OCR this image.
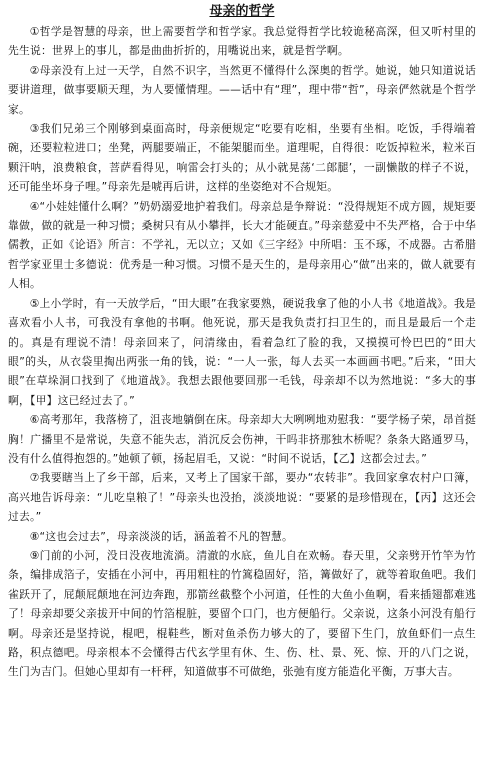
母亲的哲学

①哲学是智慧的母亲，世上需要哲学和哲学家。我总觉得哲学比较诡秘高深，但又听村里的先生说：世界上的事儿，都是曲曲折折的，用嘴说出来，就是哲学啊。

②母亲没有上过一天学，自然不识字，当然更不懂得什么深奥的哲学。她说，她只知道说话要讲道理，做事要顺天理，为人要懂情理。——话中有“理”，理中带“哲”，母亲俨然就是个哲学家。

③我们兄弟三个刚够到桌面高时，母亲便规定“吃要有吃相，坐要有坐相。吃饭，手得端着碗，还要粒粒进口；坐凳，两腿要端正，不能架腿而坐。道理呢，自得很：吃饭掉粒米，粒米百颗汗呐，浪费粮食，菩萨看得见，响雷会打头的；从小就晃荡‘二郎腿’，一副懒散的样子不说，还可能坐坏身子哩。”母亲先是唬再后讲，这样的坐姿绝对不合规矩。

④“小娃娃懂什么啊？”奶奶溺爱地护着我们。母亲总是争辩说：“没得规矩不成方圆，规矩要靠做，做的就是一种习惯；桑树只有从小攀拌，长大才能硬直。”母亲慈爱中不失严格，合于中华儒教，正如《论语》所言：不学礼，无以立；又如《三字经》中所唱：玉不琢，不成器。古希腊哲学家亚里士多德说：优秀是一种习惯。习惯不是天生的，是母亲用心“做”出来的，做人就要有人相。

⑤上小学时，有一天放学后，“田大眼”在我家要熟，硬说我拿了他的小人书《地道战》。我是喜欢看小人书，可我没有拿他的书啊。他死说，那天是我负责打扫卫生的，而且是最后一个走的。真是有理说不清！母亲回来了，问清缘由，看着急红了脸的我，又摸摸可怜巴巴的“田大眼”的头，从衣袋里掏出两张一角的钱，说：“一人一张，每人去买一本画画书吧。”后来，“田大眼”在草垛洞口找到了《地道战》。我想去跟他要回那一毛钱，母亲却不以为然地说：“多大的事啊，【甲】这已经过去了。”

⑥高考那年，我落榜了，沮丧地躺倒在床。母亲却大大咧咧地劝慰我：“要学杨子荣，昂首挺胸！广播里不是常说，失意不能失志，消沉反会伤神，干吗非挤那独木桥呢？条条大路通罗马，没有什么值得抱怨的。”她顿了顿，扬起眉毛，又说：“时间不说话，【乙】这都会过去。”

⑦我要瞎当上了乡干部，后来，又考上了国家干部，要办“农转非”。我回家拿农村户口簿，高兴地告诉母亲：“儿吃皇粮了！”母亲头也没抬，淡淡地说：“要紧的是珍惜现在，【丙】这还会过去。”

⑧“这也会过去”，母亲淡淡的话，涵盖着不凡的智慧。

⑨门前的小河，没日没夜地流淌。清澈的水底，鱼儿自在欢畅。春天里，父亲劈开竹竿为竹条，编排成箔子，安插在小河中，再用粗柱的竹篙稳固好，箔，篝做好了，就等着取鱼吧。我们雀跃开了，屁颠屁颠地在河边奔跑，那箭丝截整个小河道，任性的大鱼小鱼啊，看来插翅都难逃了！母亲却要父亲拔开中间的竹箔棍脏，要留个口门，也方便船行。父亲说，这条小河没有船行啊。母亲还是坚持说，棍吧，棍鞋些，断对鱼杀伤力够大的了，要留下生门，放鱼虾们一点生路，积点德吧。母亲根本不会懂得古代玄学里有休、生、伤、杜、景、死、惊、开的八门之说，生门为吉门。但她心里却有一杆秤，知道做事不可做绝，张弛有度方能造化平衡，万事大吉。
